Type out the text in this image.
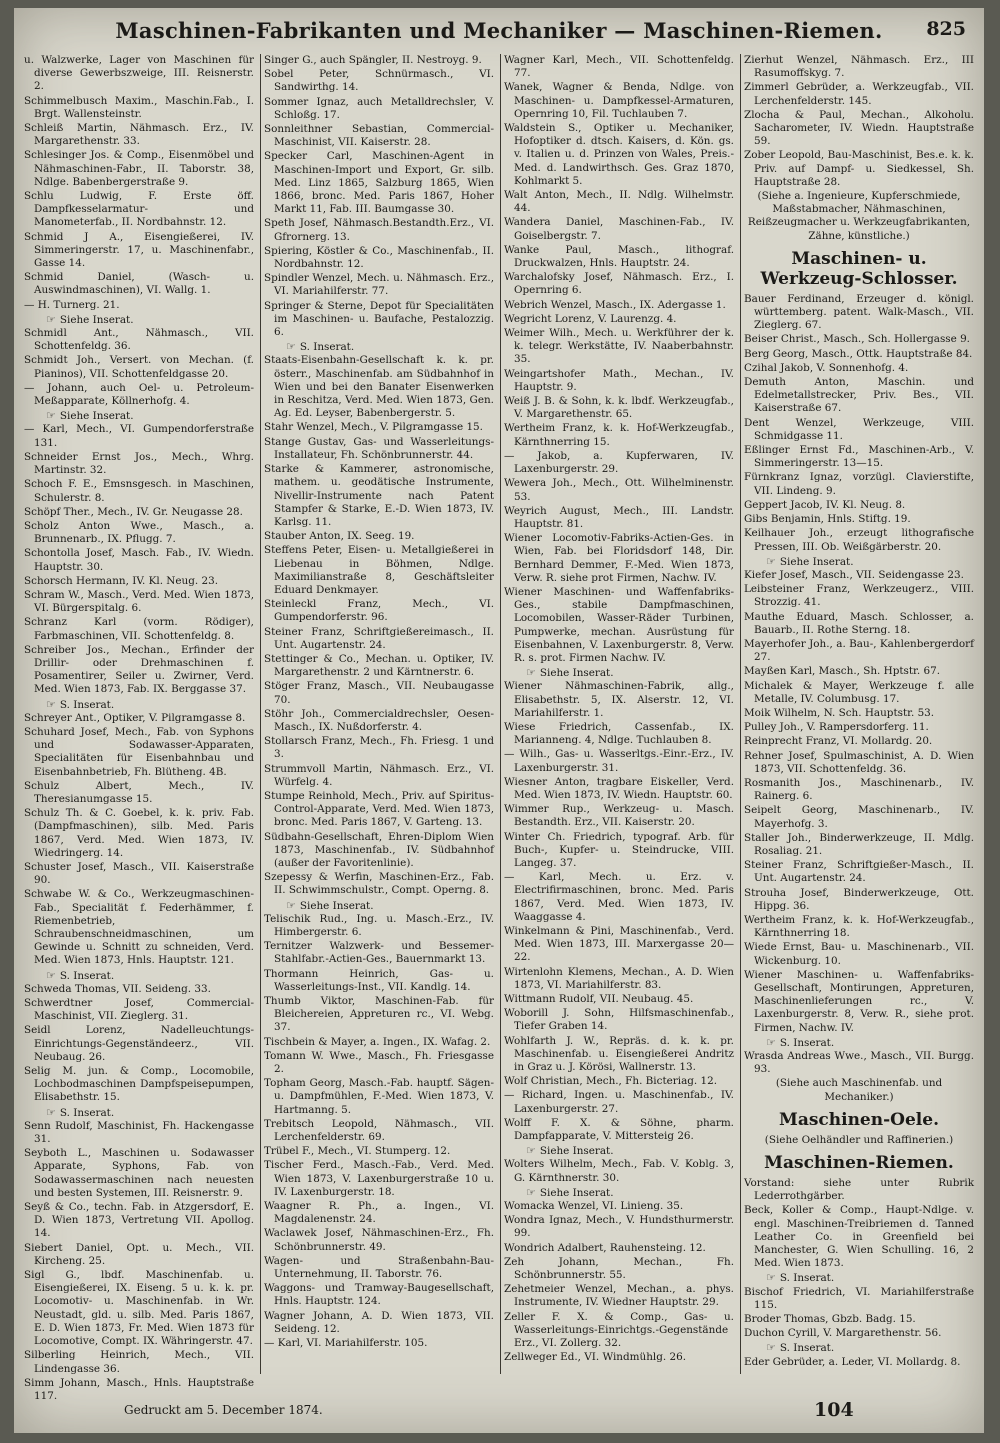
Maschinen-Fabrikanten und Mechaniker — Maschinen-Riemen.	825
u. Walzwerke, Lager von Maschinen für diverse Gewerbszweige, III. Reisnerstr. 2.
Schimmelbusch Maxim., Maschin.Fab., I. Brgt. Wallensteinstr.
Schleiß Martin, Nähmasch. Erz., IV. Margarethenstr. 33.
Schlesinger Jos. & Comp., Eisenmöbel und Nähmaschinen-Fabr., II. Taborstr. 38, Ndlge. Babenbergerstraße 9.
Schlu Ludwig, F. Erste öff. Dampfkesselarmatur- und Manometerfab., II. Nordbahnstr. 12.
Schmid J A., Eisengießerei, IV. Simmeringerstr. 17, u. Maschinenfabr., Gasse 14.
Schmid Daniel, (Wasch- u. Auswindmaschinen), VI. Wallg. 1.
— H. Turnerg. 21.
☞ Siehe Inserat.
Schmidl Ant., Nähmasch., VII. Schottenfeldg. 36.
Schmidt Joh., Versert. von Mechan. (f. Pianinos), VII. Schottenfeldgasse 20.
— Johann, auch Oel- u. Petroleum-Meßapparate, Köllnerhofg. 4.
☞ Siehe Inserat.
— Karl, Mech., VI. Gumpendorferstraße 131.
Schneider Ernst Jos., Mech., Whrg. Martinstr. 32.
Schoch F. E., Emsnsgesch. in Maschinen, Schulerstr. 8.
Schöpf Ther., Mech., IV. Gr. Neugasse 28.
Scholz Anton Wwe., Masch., a. Brunnenarb., IX. Pflugg. 7.
Schontolla Josef, Masch. Fab., IV. Wiedn. Hauptstr. 30.
Schorsch Hermann, IV. Kl. Neug. 23.
Schram W., Masch., Verd. Med. Wien 1873, VI. Bürgerspitalg. 6.
Schranz Karl (vorm. Rödiger), Farbmaschinen, VII. Schottenfeldg. 8.
Schreiber Jos., Mechan., Erfinder der Drillir- oder Drehmaschinen f. Posamentirer, Seiler u. Zwirner, Verd. Med. Wien 1873, Fab. IX. Berggasse 37.
☞ S. Inserat.
Schreyer Ant., Optiker, V. Pilgramgasse 8.
Schuhard Josef, Mech., Fab. von Syphons und Sodawasser-Apparaten, Specialitäten für Eisenbahnbau und Eisenbahnbetrieb, Fh. Blütheng. 4B.
Schulz Albert, Mech., IV. Theresianumgasse 15.
Schulz Th. & C. Goebel, k. k. priv. Fab. (Dampfmaschinen), silb. Med. Paris 1867, Verd. Med. Wien 1873, IV. Wiedringerg. 14.
Schuster Josef, Masch., VII. Kaiserstraße 90.
Schwabe W. & Co., Werkzeugmaschinen-Fab., Specialität f. Federhämmer, f. Riemenbetrieb, Schraubenschneidmaschinen, um Gewinde u. Schnitt zu schneiden, Verd. Med. Wien 1873, Hnls. Hauptstr. 121.
☞ S. Inserat.
Schweda Thomas, VII. Seideng. 33.
Schwerdtner Josef, Commercial-Maschinist, VII. Zieglerg. 31.
Seidl Lorenz, Nadelleuchtungs-Einrichtungs-Gegenständeerz., VII. Neubaug. 26.
Selig M. jun. & Comp., Locomobile, Lochbodmaschinen Dampfspeisepumpen, Elisabethstr. 15.
☞ S. Inserat.
Senn Rudolf, Maschinist, Fh. Hackengasse 31.
Seyboth L., Maschinen u. Sodawasser Apparate, Syphons, Fab. von Sodawassermaschinen nach neuesten und besten Systemen, III. Reisnerstr. 9.
Seyß & Co., techn. Fab. in Atzgersdorf, E. D. Wien 1873, Vertretung VII. Apollog. 14.
Siebert Daniel, Opt. u. Mech., VII. Kircheng. 25.
Sigl G., lbdf. Maschinenfab. u. Eisengießerei, IX. Eiseng. 5 u. k. k. pr. Locomotiv- u. Maschinenfab. in Wr. Neustadt, gld. u. silb. Med. Paris 1867, E. D. Wien 1873, Fr. Med. Wien 1873 für Locomotive, Compt. IX. Währingerstr. 47.
Silberling Heinrich, Mech., VII. Lindengasse 36.
Simm Johann, Masch., Hnls. Hauptstraße 117.
Singer G., auch Spängler, II. Nestroyg. 9.
Sobel Peter, Schnürmasch., VI. Sandwirthg. 14.
Sommer Ignaz, auch Metalldrechsler, V. Schloßg. 17.
Sonnleithner Sebastian, Commercial-Maschinist, VII. Kaiserstr. 28.
Specker Carl, Maschinen-Agent in Maschinen-Import und Export, Gr. silb. Med. Linz 1865, Salzburg 1865, Wien 1866, bronc. Med. Paris 1867, Hoher Markt 11, Fab. III. Baumgasse 30.
Speth Josef, Nähmasch.Bestandth.Erz., VI. Gfrornerg. 13.
Spiering, Köstler & Co., Maschinenfab., II. Nordbahnstr. 12.
Spindler Wenzel, Mech. u. Nähmasch. Erz., VI. Mariahilferstr. 77.
Springer & Sterne, Depot für Specialitäten im Maschinen- u. Baufache, Pestalozzig. 6.
☞ S. Inserat.
Staats-Eisenbahn-Gesellschaft k. k. pr. österr., Maschinenfab. am Südbahnhof in Wien und bei den Banater Eisenwerken in Reschitza, Verd. Med. Wien 1873, Gen. Ag. Ed. Leyser, Babenbergerstr. 5.
Stahr Wenzel, Mech., V. Pilgramgasse 15.
Stange Gustav, Gas- und Wasserleitungs-Installateur, Fh. Schönbrunnerstr. 44.
Starke & Kammerer, astronomische, mathem. u. geodätische Instrumente, Nivellir-Instrumente nach Patent Stampfer & Starke, E.-D. Wien 1873, IV. Karlsg. 11.
Stauber Anton, IX. Seeg. 19.
Steffens Peter, Eisen- u. Metallgießerei in Liebenau in Böhmen, Ndlge. Maximilianstraße 8, Geschäftsleiter Eduard Denkmayer.
Steinleckl Franz, Mech., VI. Gumpendorferstr. 96.
Steiner Franz, Schriftgießereimasch., II. Unt. Augartenstr. 24.
Stettinger & Co., Mechan. u. Optiker, IV. Margarethenstr. 2 und Kärntnerstr. 6.
Stöger Franz, Masch., VII. Neubaugasse 70.
Stöhr Joh., Commercialdrechsler, Oesen-Masch., IX. Nußdorferstr. 4.
Stollarsch Franz, Mech., Fh. Friesg. 1 und 3.
Strummvoll Martin, Nähmasch. Erz., VI. Würfelg. 4.
Stumpe Reinhold, Mech., Priv. auf Spiritus-Control-Apparate, Verd. Med. Wien 1873, bronc. Med. Paris 1867, V. Garteng. 13.
Südbahn-Gesellschaft, Ehren-Diplom Wien 1873, Maschinenfab., IV. Südbahnhof (außer der Favoritenlinie).
Szepessy & Werfin, Maschinen-Erz., Fab. II. Schwimmschulstr., Compt. Operng. 8.
☞ Siehe Inserat.
Telischik Rud., Ing. u. Masch.-Erz., IV. Himbergerstr. 6.
Ternitzer Walzwerk- und Bessemer-Stahlfabr.-Actien-Ges., Bauernmarkt 13.
Thormann Heinrich, Gas- u. Wasserleitungs-Inst., VII. Kandlg. 14.
Thumb Viktor, Maschinen-Fab. für Bleichereien, Appreturen rc., VI. Webg. 37.
Tischbein & Mayer, a. Ingen., IX. Wafag. 2.
Tomann W. Wwe., Masch., Fh. Friesgasse 2.
Topham Georg, Masch.-Fab. hauptf. Sägen- u. Dampfmühlen, F.-Med. Wien 1873, V. Hartmanng. 5.
Trebitsch Leopold, Nähmasch., VII. Lerchenfelderstr. 69.
Trübel F., Mech., VI. Stumperg. 12.
Tischer Ferd., Masch.-Fab., Verd. Med. Wien 1873, V. Laxenburgerstraße 10 u. IV. Laxenburgerstr. 18.
Waagner R. Ph., a. Ingen., VI. Magdalenenstr. 24.
Waclawek Josef, Nähmaschinen-Erz., Fh. Schönbrunnerstr. 49.
Wagen- und Straßenbahn-Bau-Unternehmung, II. Taborstr. 76.
Waggons- und Tramway-Baugesellschaft, Hnls. Hauptstr. 124.
Wagner Johann, A. D. Wien 1873, VII. Seideng. 12.
— Karl, VI. Mariahilferstr. 105.
Wagner Karl, Mech., VII. Schottenfeldg. 77.
Wanek, Wagner & Benda, Ndlge. von Maschinen- u. Dampfkessel-Armaturen, Opernring 10, Fil. Tuchlauben 7.
Waldstein S., Optiker u. Mechaniker, Hofoptiker d. dtsch. Kaisers, d. Kön. gs. v. Italien u. d. Prinzen von Wales, Preis.-Med. d. Landwirthsch. Ges. Graz 1870, Kohlmarkt 5.
Walt Anton, Mech., II. Ndlg. Wilhelmstr. 44.
Wandera Daniel, Maschinen-Fab., IV. Goiselbergstr. 7.
Wanke Paul, Masch., lithograf. Druckwalzen, Hnls. Hauptstr. 24.
Warchalofsky Josef, Nähmasch. Erz., I. Opernring 6.
Webrich Wenzel, Masch., IX. Adergasse 1.
Wegricht Lorenz, V. Laurenzg. 4.
Weimer Wilh., Mech. u. Werkführer der k. k. telegr. Werkstätte, IV. Naaberbahnstr. 35.
Weingartshofer Math., Mechan., IV. Hauptstr. 9.
Weiß J. B. & Sohn, k. k. lbdf. Werkzeugfab., V. Margarethenstr. 65.
Wertheim Franz, k. k. Hof-Werkzeugfab., Kärnthnerring 15.
— Jakob, a. Kupferwaren, IV. Laxenburgerstr. 29.
Wewera Joh., Mech., Ott. Wilhelminenstr. 53.
Weyrich August, Mech., III. Landstr. Hauptstr. 81.
Wiener Locomotiv-Fabriks-Actien-Ges. in Wien, Fab. bei Floridsdorf 148, Dir. Bernhard Demmer, F.-Med. Wien 1873, Verw. R. siehe prot Firmen, Nachw. IV.
Wiener Maschinen- und Waffenfabriks-Ges., stabile Dampfmaschinen, Locomobilen, Wasser-Räder Turbinen, Pumpwerke, mechan. Ausrüstung für Eisenbahnen, V. Laxenburgerstr. 8, Verw. R. s. prot. Firmen Nachw. IV.
☞ Siehe Inserat.
Wiener Nähmaschinen-Fabrik, allg., Elisabethstr. 5, IX. Alserstr. 12, VI. Mariahilferstr. 1.
Wiese Friedrich, Cassenfab., IX. Marianneng. 4, Ndlge. Tuchlauben 8.
— Wilh., Gas- u. Wasserltgs.-Einr.-Erz., IV. Laxenburgerstr. 31.
Wiesner Anton, tragbare Eiskeller, Verd. Med. Wien 1873, IV. Wiedn. Hauptstr. 60.
Wimmer Rup., Werkzeug- u. Masch. Bestandth. Erz., VII. Kaiserstr. 20.
Winter Ch. Friedrich, typograf. Arb. für Buch-, Kupfer- u. Steindrucke, VIII. Langeg. 37.
— Karl, Mech. u. Erz. v. Electrifirmaschinen, bronc. Med. Paris 1867, Verd. Med. Wien 1873, IV. Waaggasse 4.
Winkelmann & Pini, Maschinenfab., Verd. Med. Wien 1873, III. Marxergasse 20—22.
Wirtenlohn Klemens, Mechan., A. D. Wien 1873, VI. Mariahilferstr. 83.
Wittmann Rudolf, VII. Neubaug. 45.
Woborill J. Sohn, Hilfsmaschinenfab., Tiefer Graben 14.
Wohlfarth J. W., Repräs. d. k. k. pr. Maschinenfab. u. Eisengießerei Andritz in Graz u. J. Körösi, Wallnerstr. 13.
Wolf Christian, Mech., Fh. Bicteriag. 12.
— Richard, Ingen. u. Maschinenfab., IV. Laxenburgerstr. 27.
Wolff F. X. & Söhne, pharm. Dampfapparate, V. Mittersteig 26.
☞ Siehe Inserat.
Wolters Wilhelm, Mech., Fab. V. Koblg. 3, G. Kärnthnerstr. 30.
☞ Siehe Inserat.
Womacka Wenzel, VI. Linieng. 35.
Wondra Ignaz, Mech., V. Hundsthurmerstr. 99.
Wondrich Adalbert, Rauhensteing. 12.
Zeh Johann, Mechan., Fh. Schönbrunnerstr. 55.
Zehetmeier Wenzel, Mechan., a. phys. Instrumente, IV. Wiedner Hauptstr. 29.
Zeller F. X. & Comp., Gas- u. Wasserleitungs-Einrichtgs.-Gegenstände Erz., VI. Zollerg. 32.
Zellweger Ed., VI. Windmühlg. 26.
Zierhut Wenzel, Nähmasch. Erz., III Rasumoffskyg. 7.
Zimmerl Gebrüder, a. Werkzeugfab., VII. Lerchenfelderstr. 145.
Zlocha & Paul, Mechan., Alkoholu. Sacharometer, IV. Wiedn. Hauptstraße 59.
Zober Leopold, Bau-Maschinist, Bes.e. k. k. Priv. auf Dampf- u. Siedkessel, Sh. Hauptstraße 28.
(Siehe a. Ingenieure, Kupferschmiede, Maßstabmacher, Nähmaschinen, Reißzeugmacher u. Werkzeugfabrikanten, Zähne, künstliche.)
Maschinen- u. Werkzeug-Schlosser.
Bauer Ferdinand, Erzeuger d. königl. württemberg. patent. Walk-Masch., VII. Zieglerg. 67.
Beiser Christ., Masch., Sch. Hollergasse 9.
Berg Georg, Masch., Ottk. Hauptstraße 84.
Czihal Jakob, V. Sonnenhofg. 4.
Demuth Anton, Maschin. und Edelmetallstrecker, Priv. Bes., VII. Kaiserstraße 67.
Dent Wenzel, Werkzeuge, VIII. Schmidgasse 11.
Eßlinger Ernst Fd., Maschinen-Arb., V. Simmeringerstr. 13—15.
Fürnkranz Ignaz, vorzügl. Clavierstifte, VII. Lindeng. 9.
Geppert Jacob, IV. Kl. Neug. 8.
Gibs Benjamin, Hnls. Stiftg. 19.
Keilhauer Joh., erzeugt lithografische Pressen, III. Ob. Weißgärberstr. 20.
☞ Siehe Inserat.
Kiefer Josef, Masch., VII. Seidengasse 23.
Leibsteiner Franz, Werkzeugerz., VIII. Strozzig. 41.
Mauthe Eduard, Masch. Schlosser, a. Bauarb., II. Rothe Sterng. 18.
Mayerhofer Joh., a. Bau-, Kahlenbergerdorf 27.
Mayßen Karl, Masch., Sh. Hptstr. 67.
Michalek & Mayer, Werkzeuge f. alle Metalle, IV. Columbusg. 17.
Moik Wilhelm, N. Sch. Hauptstr. 53.
Pulley Joh., V. Rampersdorferg. 11.
Reinprecht Franz, VI. Mollardg. 20.
Rehner Josef, Spulmaschinist, A. D. Wien 1873, VII. Schottenfeldg. 36.
Rosmanith Jos., Maschinenarb., IV. Rainerg. 6.
Seipelt Georg, Maschinenarb., IV. Mayerhofg. 3.
Staller Joh., Binderwerkzeuge, II. Mdlg. Rosaliag. 21.
Steiner Franz, Schriftgießer-Masch., II. Unt. Augartenstr. 24.
Strouha Josef, Binderwerkzeuge, Ott. Hippg. 36.
Wertheim Franz, k. k. Hof-Werkzeugfab., Kärnthnerring 18.
Wiede Ernst, Bau- u. Maschinenarb., VII. Wickenburg. 10.
Wiener Maschinen- u. Waffenfabriks-Gesellschaft, Montirungen, Appreturen, Maschinenlieferungen rc., V. Laxenburgerstr. 8, Verw. R., siehe prot. Firmen, Nachw. IV.
☞ S. Inserat.
Wrasda Andreas Wwe., Masch., VII. Burgg. 93.
(Siehe auch Maschinenfab. und Mechaniker.)
Maschinen-Oele.
(Siehe Oelhändler und Raffinerien.)
Maschinen-Riemen.
Vorstand: siehe unter Rubrik Lederrothgärber.
Beck, Koller & Comp., Haupt-Ndlge. v. engl. Maschinen-Treibriemen d. Tanned Leather Co. in Greenfield bei Manchester, G. Wien Schulling. 16, 2 Med. Wien 1873.
☞ S. Inserat.
Bischof Friedrich, VI. Mariahilferstraße 115.
Broder Thomas, Gbzb. Badg. 15.
Duchon Cyrill, V. Margarethenstr. 56.
☞ S. Inserat.
Eder Gebrüder, a. Leder, VI. Mollardg. 8.
Gedruckt am 5. December 1874.	104
